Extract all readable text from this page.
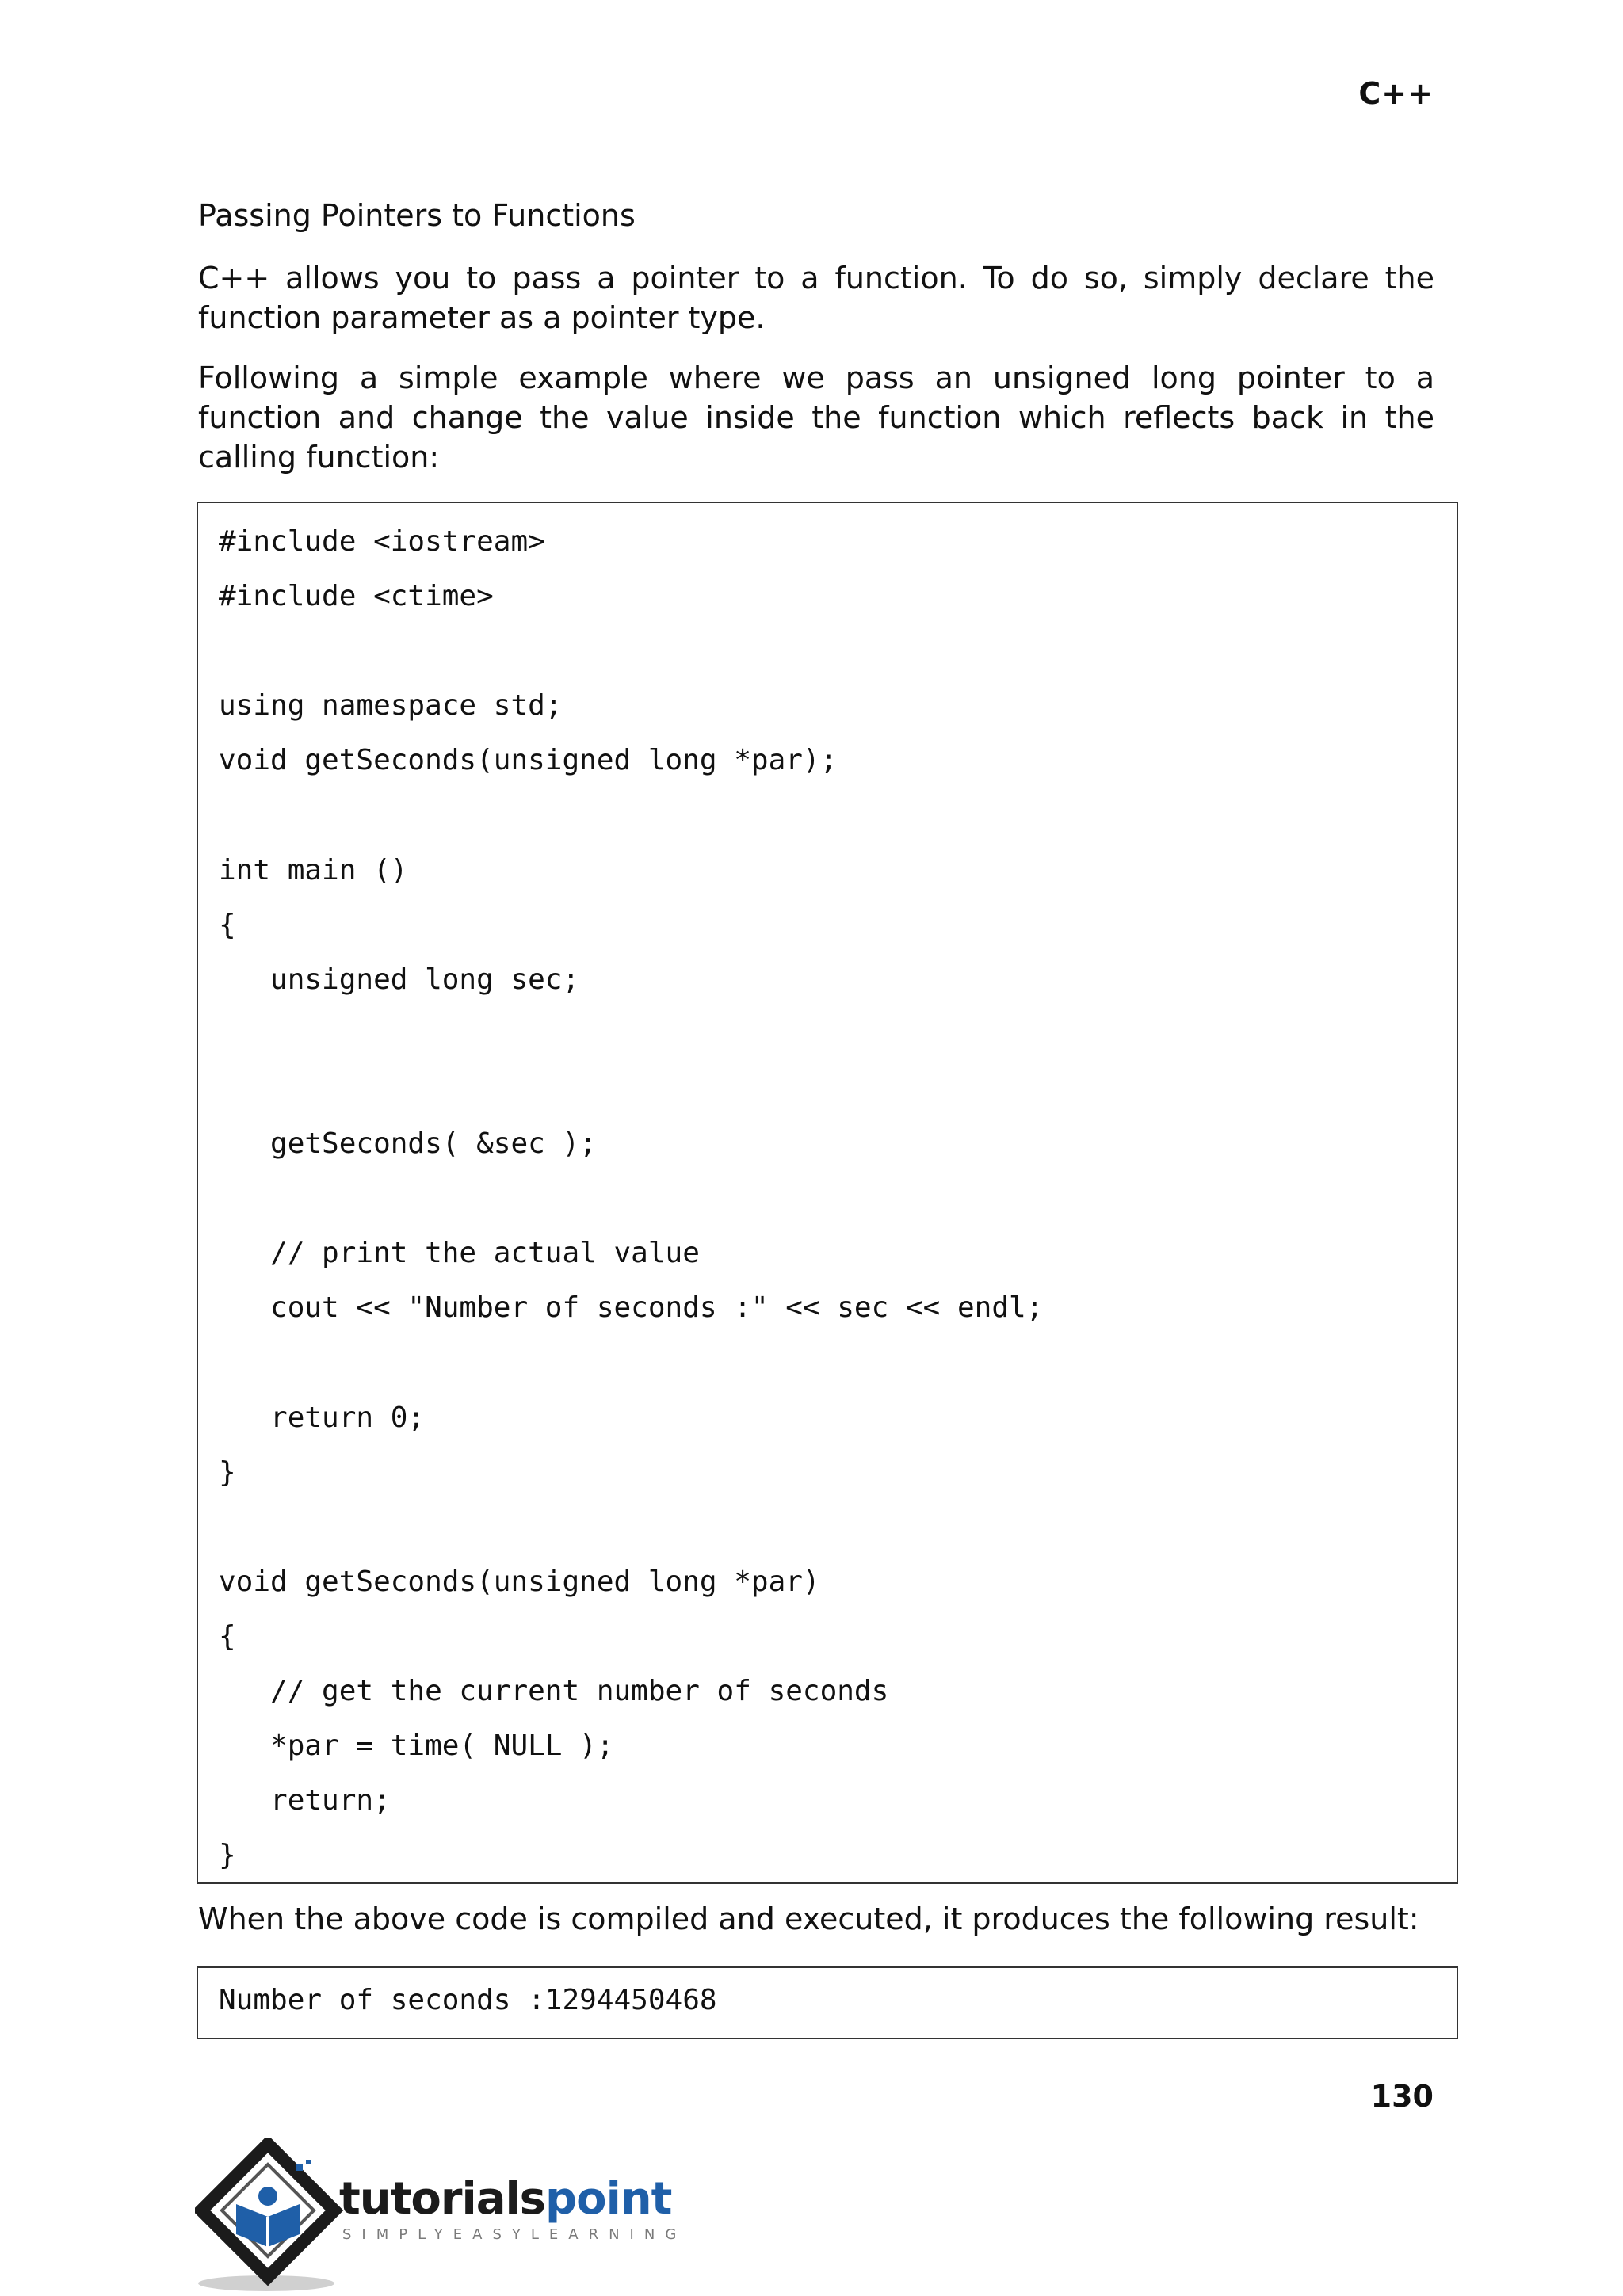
C++
Passing Pointers to Functions
C++ allows you to pass a pointer to a function. To do so, simply declare the function parameter as a pointer type.
Following a simple example where we pass an unsigned long pointer to a function and change the value inside the function which reflects back in the calling function:
#include <iostream>
#include <ctime>
using namespace std;
void getSeconds(unsigned long *par);
int main ()
{
unsigned long sec;
getSeconds( &sec );
// print the actual value
cout << "Number of seconds :" << sec << endl;
return 0;
}
void getSeconds(unsigned long *par)
{
// get the current number of seconds
*par = time( NULL );
return;
}
When the above code is compiled and executed, it produces the following result:
Number of seconds :1294450468
130
tutorialspoint
SIMPLYEASYLEARNING
